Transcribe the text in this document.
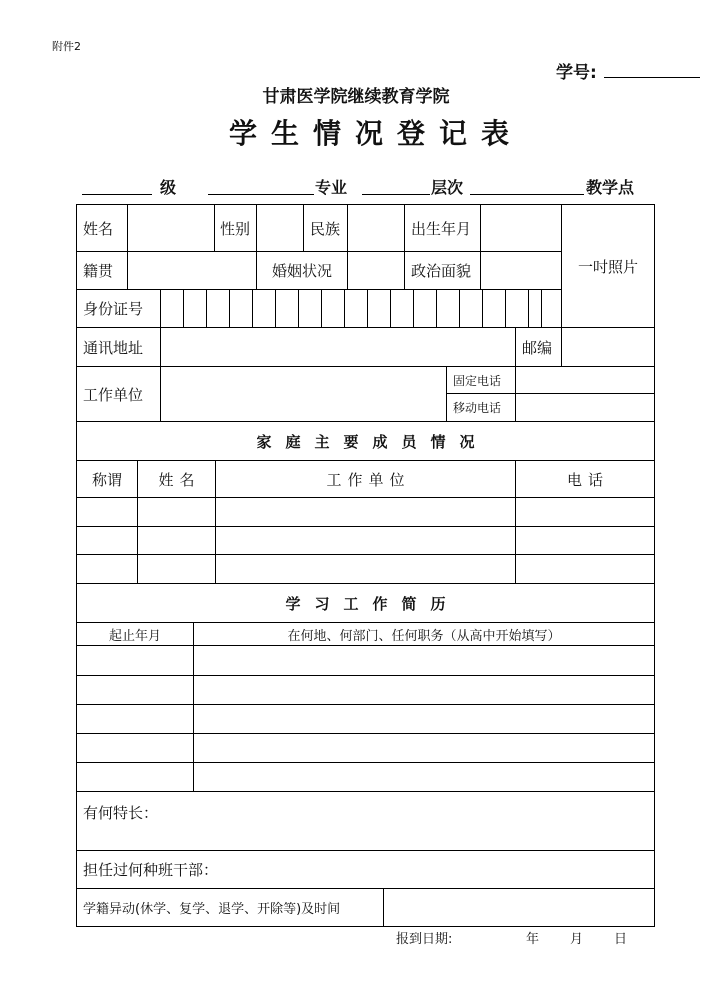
附件2
学号:
甘肃医学院继续教育学院
学生情况登记表
级	专业	层次	教学点
姓名	性别	民族	出生年月
一吋照片
籍贯	婚姻状况	政治面貌
身份证号
通讯地址	邮编
工作单位
固定电话
移动电话
家庭主要成员情况
称谓	姓名	工作单位	电话
学习工作简历
起止年月	在何地、何部门、任何职务（从高中开始填写）
有何特长：
担任过何种班干部：
学籍异动(休学、复学、退学、开除等)及时间
报到日期:	年 月 日
